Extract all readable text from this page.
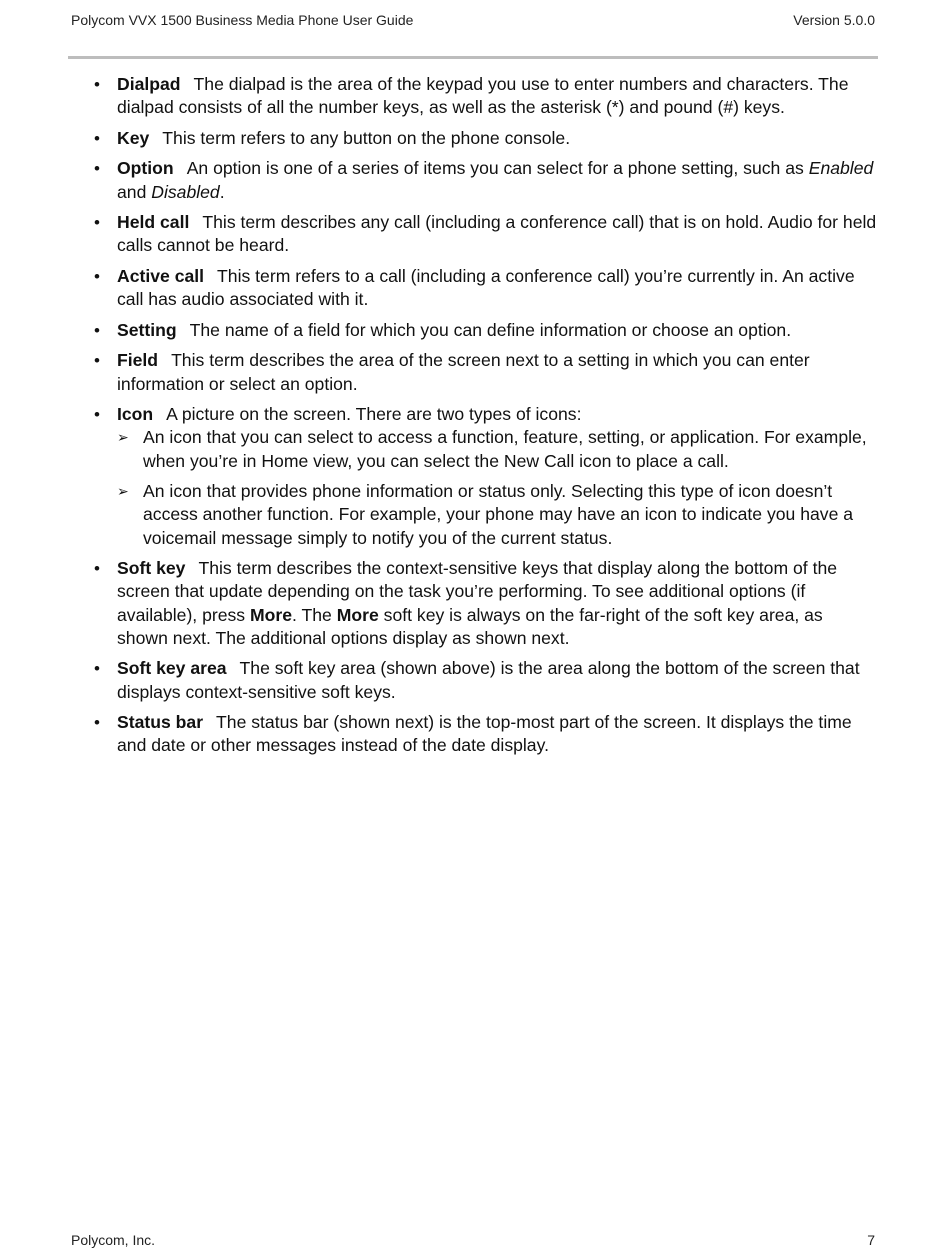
Polycom VVX 1500 Business Media Phone User Guide	Version 5.0.0
• Dialpad The dialpad is the area of the keypad you use to enter numbers and characters. The dialpad consists of all the number keys, as well as the asterisk (*) and pound (#) keys.
• Key This term refers to any button on the phone console.
• Option An option is one of a series of items you can select for a phone setting, such as Enabled and Disabled.
• Held call This term describes any call (including a conference call) that is on hold. Audio for held calls cannot be heard.
• Active call This term refers to a call (including a conference call) you’re currently in. An active call has audio associated with it.
• Setting The name of a field for which you can define information or choose an option.
• Field This term describes the area of the screen next to a setting in which you can enter information or select an option.
• Icon A picture on the screen. There are two types of icons:
➢ An icon that you can select to access a function, feature, setting, or application. For example, when you’re in Home view, you can select the New Call icon to place a call.
➢ An icon that provides phone information or status only. Selecting this type of icon doesn’t access another function. For example, your phone may have an icon to indicate you have a voicemail message simply to notify you of the current status.
• Soft key This term describes the context-sensitive keys that display along the bottom of the screen that update depending on the task you’re performing. To see additional options (if available), press More. The More soft key is always on the far-right of the soft key area, as shown next. The additional options display as shown next.
• Soft key area The soft key area (shown above) is the area along the bottom of the screen that displays context-sensitive soft keys.
• Status bar The status bar (shown next) is the top-most part of the screen. It displays the time and date or other messages instead of the date display.
Polycom, Inc.	7
